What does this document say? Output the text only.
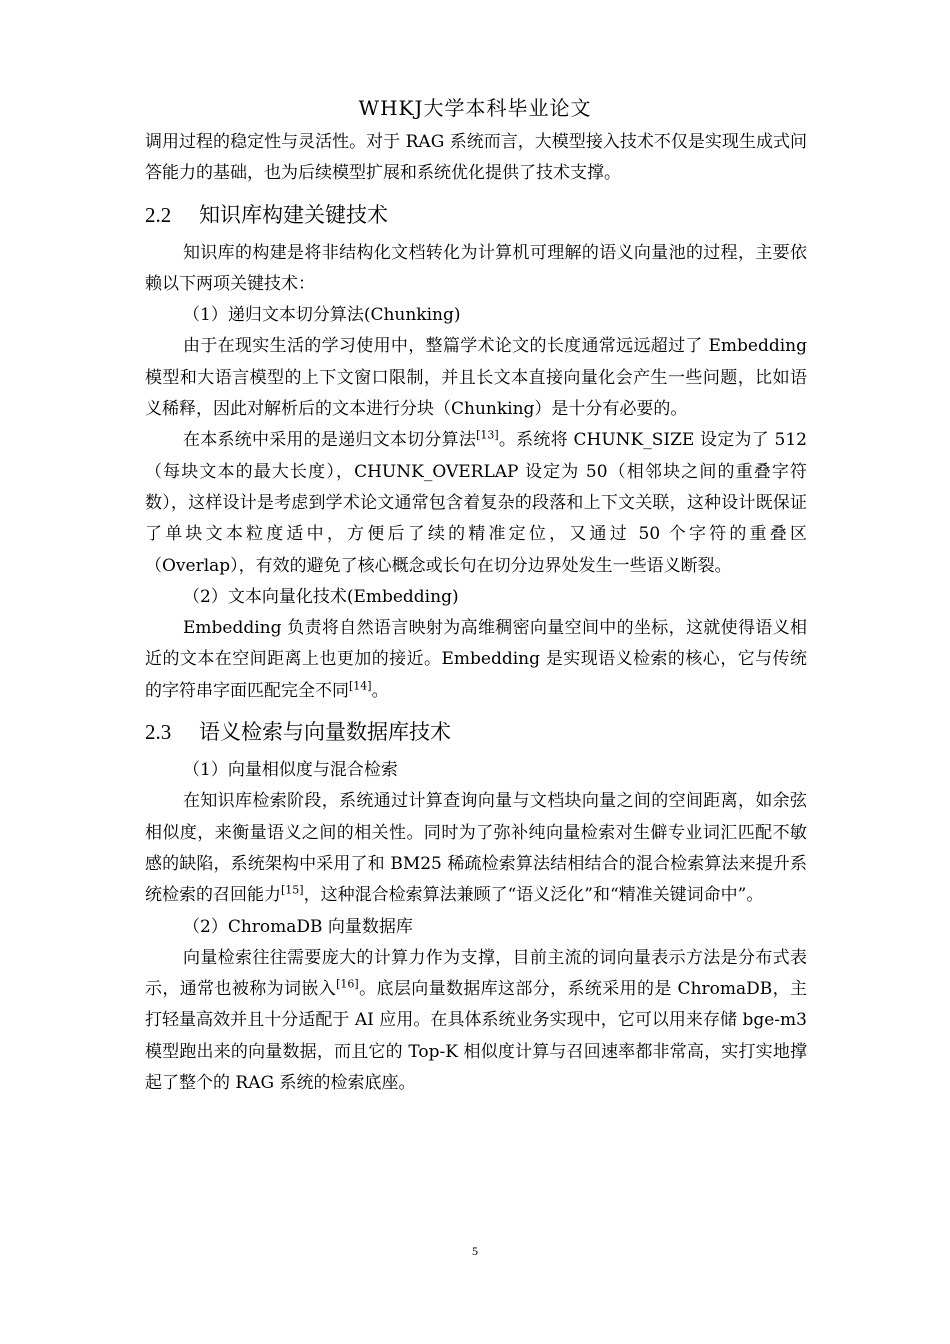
WHKJ大学本科毕业论文

调用过程的稳定性与灵活性。对于 RAG 系统而言，大模型接入技术不仅是实现生成式问答能力的基础，也为后续模型扩展和系统优化提供了技术支撑。

2.2	知识库构建关键技术

知识库的构建是将非结构化文档转化为计算机可理解的语义向量池的过程，主要依赖以下两项关键技术：

（1）递归文本切分算法(Chunking)

由于在现实生活的学习使用中，整篇学术论文的长度通常远远超过了 Embedding 模型和大语言模型的上下文窗口限制，并且长文本直接向量化会产生一些问题，比如语义稀释，因此对解析后的文本进行分块（Chunking）是十分有必要的。

在本系统中采用的是递归文本切分算法[13]。系统将 CHUNK_SIZE 设定为了 512（每块文本的最大长度），CHUNK_OVERLAP 设定为 50（相邻块之间的重叠字符数），这样设计是考虑到学术论文通常包含着复杂的段落和上下文关联，这种设计既保证了单块文本粒度适中，方便后了续的精准定位，又通过 50 个字符的重叠区（Overlap），有效的避免了核心概念或长句在切分边界处发生一些语义断裂。

（2）文本向量化技术(Embedding)

Embedding 负责将自然语言映射为高维稠密向量空间中的坐标，这就使得语义相近的文本在空间距离上也更加的接近。Embedding 是实现语义检索的核心，它与传统的字符串字面匹配完全不同[14]。

2.3	语义检索与向量数据库技术

（1）向量相似度与混合检索

在知识库检索阶段，系统通过计算查询向量与文档块向量之间的空间距离，如余弦相似度，来衡量语义之间的相关性。同时为了弥补纯向量检索对生僻专业词汇匹配不敏感的缺陷，系统架构中采用了和 BM25 稀疏检索算法结相结合的混合检索算法来提升系统检索的召回能力[15]，这种混合检索算法兼顾了“语义泛化”和“精准关键词命中”。

（2）ChromaDB 向量数据库

向量检索往往需要庞大的计算力作为支撑，目前主流的词向量表示方法是分布式表示，通常也被称为词嵌入[16]。底层向量数据库这部分，系统采用的是 ChromaDB，主打轻量高效并且十分适配于 AI 应用。在具体系统业务实现中，它可以用来存储 bge-m3 模型跑出来的向量数据，而且它的 Top-K 相似度计算与召回速率都非常高，实打实地撑起了整个的 RAG 系统的检索底座。

5
